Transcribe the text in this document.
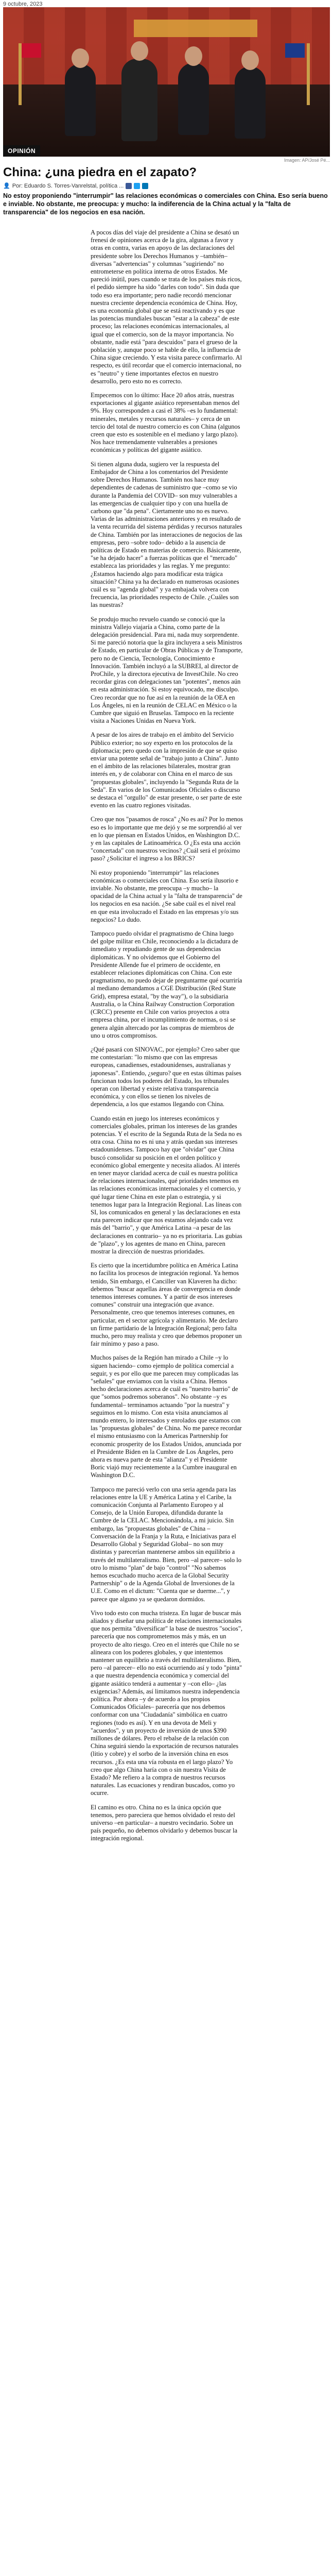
9 octubre, 2023
OPINIÓN
Imagen: AP/José Pé...
China: ¿una piedra en el zapato?
👤 Por: Eduardo S. Torres-Vanrelstal, política ...

No estoy proponiendo "interrumpir" las relaciones económicas o comerciales con China. Eso sería bueno e inviable. No obstante, me preocupa: y mucho: la indiferencia de la China actual y la "falta de transparencia" de los negocios en esa nación.

A pocos días del viaje del presidente a China se desató un frenesí de opiniones acerca de la gira, algunas a favor y otras en contra, varias en apoyo de las declaraciones del presidente sobre los Derechos Humanos y –también– diversas "advertencias" y columnas "sugiriendo" no entrometerse en política interna de otros Estados. Me pareció inútil, pues cuando se trata de los países más ricos, el pedido siempre ha sido "darles con todo". Sin duda que todo eso era importante; pero nadie recordó mencionar nuestra creciente dependencia económica de China. Hoy, es una economía global que se está reactivando y es que las potencias mundiales buscan "estar a la cabeza" de este proceso; las relaciones económicas internacionales, al igual que el comercio, son de la mayor importancia. No obstante, nadie está "para descuidos" para el grueso de la población y, aunque poco se hable de ello, la influencia de China sigue creciendo. Y esta visita parece confirmarlo. Al respecto, es útil recordar que el comercio internacional, no es "neutro" y tiene importantes efectos en nuestro desarrollo, pero esto no es correcto.

Empecemos con lo último: Hace 20 años atrás, nuestras exportaciones al gigante asiático representaban menos del 9%. Hoy corresponden a casi el 38% –es lo fundamental: minerales, metales y recursos naturales– y cerca de un tercio del total de nuestro comercio es con China (algunos creen que esto es sostenible en el mediano y largo plazo). Nos hace tremendamente vulnerables a presiones económicas y políticas del gigante asiático.

Si tienen alguna duda, sugiero ver la respuesta del Embajador de China a los comentarios del Presidente sobre Derechos Humanos. También nos hace muy dependientes de cadenas de suministro que –como se vio durante la Pandemia del COVID– son muy vulnerables a las emergencias de cualquier tipo y con una huella de carbono que "da pena". Ciertamente uno no es nuevo. Varias de las administraciones anteriores y en resultado de la venta recurrida del sistema pérdidas y recursos naturales de China. También por las interacciones de negocios de las empresas, pero –sobre todo– debido a la ausencia de políticas de Estado en materias de comercio. Básicamente, "se ha dejado hacer" a fuerzas políticas que el "mercado" establezca las prioridades y las reglas. Y me pregunto: ¿Estamos haciendo algo para modificar esta trágica situación? China ya ha declarado en numerosas ocasiones cuál es su "agenda global" y ya embajada volvera con frecuencia, las prioridades respecto de Chile. ¿Cuáles son las nuestras?

Se produjo mucho revuelo cuando se conoció que la ministra Vallejo viajaría a China, como parte de la delegación presidencial. Para mi, nada muy sorprendente. Si me pareció notoria que la gira incluyera a seis Ministros de Estado, en particular de Obras Públicas y de Transporte, pero no de Ciencia, Tecnología, Conocimiento e Innovación. También incluyó a la SUBREI, al director de ProChile, y la directora ejecutiva de InvestChile. No creo recordar giras con delegaciones tan "potentes", menos aún en esta administración. Si estoy equivocado, me disculpo. Creo recordar que no fue así en la reunión de la OEA en Los Ángeles, ni en la reunión de CELAC en México o la Cumbre que siguió en Bruselas. Tampoco en la reciente visita a Naciones Unidas en Nueva York.

A pesar de los aires de trabajo en el ámbito del Servicio Público exterior; no soy experto en los protocolos de la diplomacia; pero quedo con la impresión de que se quiso enviar una potente señal de "trabajo junto a China". Junto en el ámbito de las relaciones bilaterales, mostrar gran interés en, y de colaborar con China en el marco de sus "propuestas globales", incluyendo la "Segunda Ruta de la Seda". En varios de los Comunicados Oficiales o discurso se destaca el "orgullo" de estar presente, o ser parte de este evento en las cuatro regiones visitadas.

Creo que nos "pasamos de rosca" ¿No es así? Por lo menos eso es lo importante que me dejó y se me sorprendió al ver en lo que piensan en Estados Unidos, en Washington D.C. y en las capitales de Latinoamérica. O ¿Es esta una acción "concertada" con nuestros vecinos? ¿Cuál será el próximo paso? ¿Solicitar el ingreso a los BRICS?

Ni estoy proponiendo "interrumpir" las relaciones económicas o comerciales con China. Eso sería ilusorio e inviable. No obstante, me preocupa –y mucho– la opacidad de la China actual y la "falta de transparencia" de los negocios en esa nación. ¿Se sabe cuál es el nivel real en que esta involucrado el Estado en las empresas y/o sus negocios? Lo dudo.

Tampoco puedo olvidar el pragmatismo de China luego del golpe militar en Chile, reconociendo a la dictadura de inmediato y repudiando gente de sus dependencias diplomáticas. Y no olvidemos que el Gobierno del Presidente Allende fue el primero de occidente, en establecer relaciones diplomáticas con China. Con este pragmatismo, no puedo dejar de preguntarme qué ocurriría al mediano demandamos a CGE Distribución (Red State Grid), empresa estatal, "by the way"), o la subsidiaria Australia, o la China Railway Construction Corporation (CRCC) presente en Chile con varios proyectos a otra empresa china, por el incumplimiento de normas, o si se genera algún altercado por las compras de miembros de uno u otros compromisos.

¿Qué pasará con SINOVAC, por ejemplo? Creo saber que me contestarían: "lo mismo que con las empresas europeas, canadienses, estadounidenses, australianas y japonesas". Entiendo, ¿seguro? que en estas últimas países funcionan todos los poderes del Estado, los tribunales operan con libertad y existe relativa transparencia económica, y con ellos se tienen los niveles de dependencia, a los que estamos llegando con China.

Cuando están en juego los intereses económicos y comerciales globales, priman los intereses de las grandes potencias. Y el escrito de la Segunda Ruta de la Seda no es otra cosa. China no es ni una y atrás quedan sus intereses estadounidenses. Tampoco hay que "olvidar" que China buscó consolidar su posición en el orden político y económico global emergente y necesita aliados. Al interés en tener mayor claridad acerca de cuál es nuestra política de relaciones internacionales, qué prioridades tenemos en las relaciones económicas internacionales y el comercio, y qué lugar tiene China en este plan o estrategia, y si tenemos lugar para la Integración Regional. Las líneas con SI, los comunicados en general y las declaraciones en esta ruta parecen indicar que nos estamos alejando cada vez más del "barrio", y que América Latina –a pesar de las declaraciones en contrario– ya no es prioritaria. Las gubias de "plazo", y los agentes de mano en China, parecen mostrar la dirección de nuestras prioridades.

Es cierto que la incertidumbre política en América Latina no facilita los procesos de integración regional. Ya hemos tenido, Sin embargo, el Canciller van Klaveren ha dicho: debemos "buscar aquellas áreas de convergencia en donde tenemos intereses comunes. Y a partir de esos intereses comunes" construir una integración que avance. Personalmente, creo que tenemos intereses comunes, en particular, en el sector agrícola y alimentario. Me declaro un firme partidario de la Integración Regional; pero falta mucho, pero muy realista y creo que debemos proponer un fair mínimo y paso a paso.

Muchos países de la Región han mirado a Chile –y lo siguen haciendo– como ejemplo de política comercial a seguir, y es por ello que me parecen muy complicadas las "señales" que enviamos con la visita a China. Hemos hecho declaraciones acerca de cuál es "nuestro barrio" de que "somos podremos soberanos". No obstante –y es fundamental– terminamos actuando "por la nuestra" y seguimos en lo mismo. Con esta visita anunciamos al mundo entero, lo interesados y enrolados que estamos con las "propuestas globales" de China. No me parece recordar el mismo entusiasmo con la Americas Partnership for economic prosperity de los Estados Unidos, anunciada por el Presidente Biden en la Cumbre de Los Ángeles, pero ahora es nueva parte de esta "alianza" y el Presidente Boric viajó muy recientemente a la Cumbre inaugural en Washington D.C.

Tampoco me pareció verlo con una seria agenda para las relaciones entre la UE y América Latina y el Caribe, la comunicación Conjunta al Parlamento Europeo y al Consejo, de la Unión Europea, difundida durante la Cumbre de la CELAC. Mencionándola, a mi juicio. Sin embargo, las "propuestas globales" de China –Conversación de la Franja y la Ruta, e Iniciativas para el Desarrollo Global y Seguridad Global– no son muy distintas y parecerían mantenerse ambos sin equilibrio a través del multilateralismo. Bien, pero –al parecer– solo lo otro lo mismo "plan" de bajo "control" "No sabemos hemos escuchado mucho acerca de la Global Security Partnership" o de la Agenda Global de Inversiones de la U.E. Como en el dictum: "Cuenta que se duerme...", y parece que alguno ya se quedaron dormidos.

Vivo todo esto con mucha tristeza. En lugar de buscar más aliados y diseñar una política de relaciones internacionales que nos permita "diversificar" la base de nuestros "socios", parecería que nos comprometemos más y más, en un proyecto de alto riesgo. Creo en el interés que Chile no se alineara con los poderes globales, y que intentemos mantener un equilibrio a través del multilateralismo. Bien, pero –al parecer– ello no está ocurriendo así y todo "pinta" a que nuestra dependencia económica y comercial del gigante asiático tenderá a aumentar y –con ello– ¿las exigencias? Además, así limitamos nuestra independencia política. Por ahora –y de acuerdo a los propios Comunicados Oficiales– parecería que nos debemos conformar con una "Ciudadanía" simbólica en cuatro regiones (todo es así). Y en una devota de Meli y "acuerdos", y un proyecto de inversión de unos $390 millones de dólares. Pero el rebalse de la relación con China seguirá siendo la exportación de recursos naturales (litio y cobre) y el sorbo de la inversión china en esos recursos. ¿Es esta una vía robusta en el largo plazo? Yo creo que algo China haría con o sin nuestra Visita de Estado? Me refiero a la compra de nuestros recursos naturales. Las ecuaciones y rendiran buscados, como yo ocurre.

El camino es otro. China no es la única opción que tenemos, pero pareciera que hemos olvidado el resto del universo –en particular– a nuestro vecindario. Sobre un país pequeño, no debemos olvidarlo y debemos buscar la integración regional.
